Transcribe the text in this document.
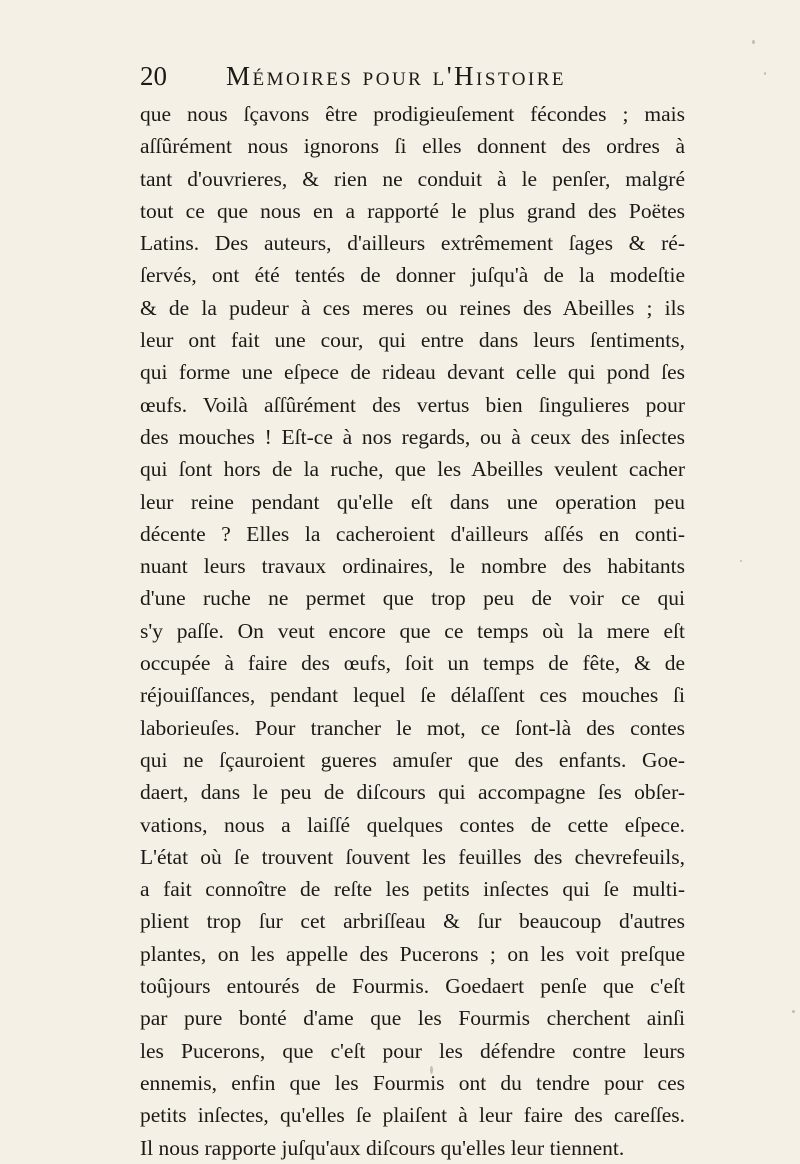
20 Mémoires pour l'Histoire
que nous ſçavons être prodigieuſement fécondes ; mais
aſſûrément nous ignorons ſi elles donnent des ordres à
tant d'ouvrieres, & rien ne conduit à le penſer, malgré
tout ce que nous en a rapporté le plus grand des Poëtes
Latins. Des auteurs, d'ailleurs extrêmement ſages & ré-
ſervés, ont été tentés de donner juſqu'à de la modeſtie
& de la pudeur à ces meres ou reines des Abeilles ; ils
leur ont fait une cour, qui entre dans leurs ſentiments,
qui forme une eſpece de rideau devant celle qui pond ſes
œufs. Voilà aſſûrément des vertus bien ſingulieres pour
des mouches ! Eſt-ce à nos regards, ou à ceux des inſectes
qui ſont hors de la ruche, que les Abeilles veulent cacher
leur reine pendant qu'elle eſt dans une operation peu
décente ? Elles la cacheroient d'ailleurs aſſés en conti-
nuant leurs travaux ordinaires, le nombre des habitants
d'une ruche ne permet que trop peu de voir ce qui
s'y paſſe. On veut encore que ce temps où la mere eſt
occupée à faire des œufs, ſoit un temps de fête, & de
réjouiſſances, pendant lequel ſe délaſſent ces mouches ſi
laborieuſes. Pour trancher le mot, ce ſont-là des contes
qui ne ſçauroient gueres amuſer que des enfants. Goe-
daert, dans le peu de diſcours qui accompagne ſes obſer-
vations, nous a laiſſé quelques contes de cette eſpece.
L'état où ſe trouvent ſouvent les feuilles des chevrefeuils,
a fait connoître de reſte les petits inſectes qui ſe multi-
plient trop ſur cet arbriſſeau & ſur beaucoup d'autres
plantes, on les appelle des Pucerons ; on les voit preſque
toûjours entourés de Fourmis. Goedaert penſe que c'eſt
par pure bonté d'ame que les Fourmis cherchent ainſi
les Pucerons, que c'eſt pour les défendre contre leurs
ennemis, enfin que les Fourmis ont du tendre pour ces
petits inſectes, qu'elles ſe plaiſent à leur faire des careſſes.
Il nous rapporte juſqu'aux diſcours qu'elles leur tiennent.
